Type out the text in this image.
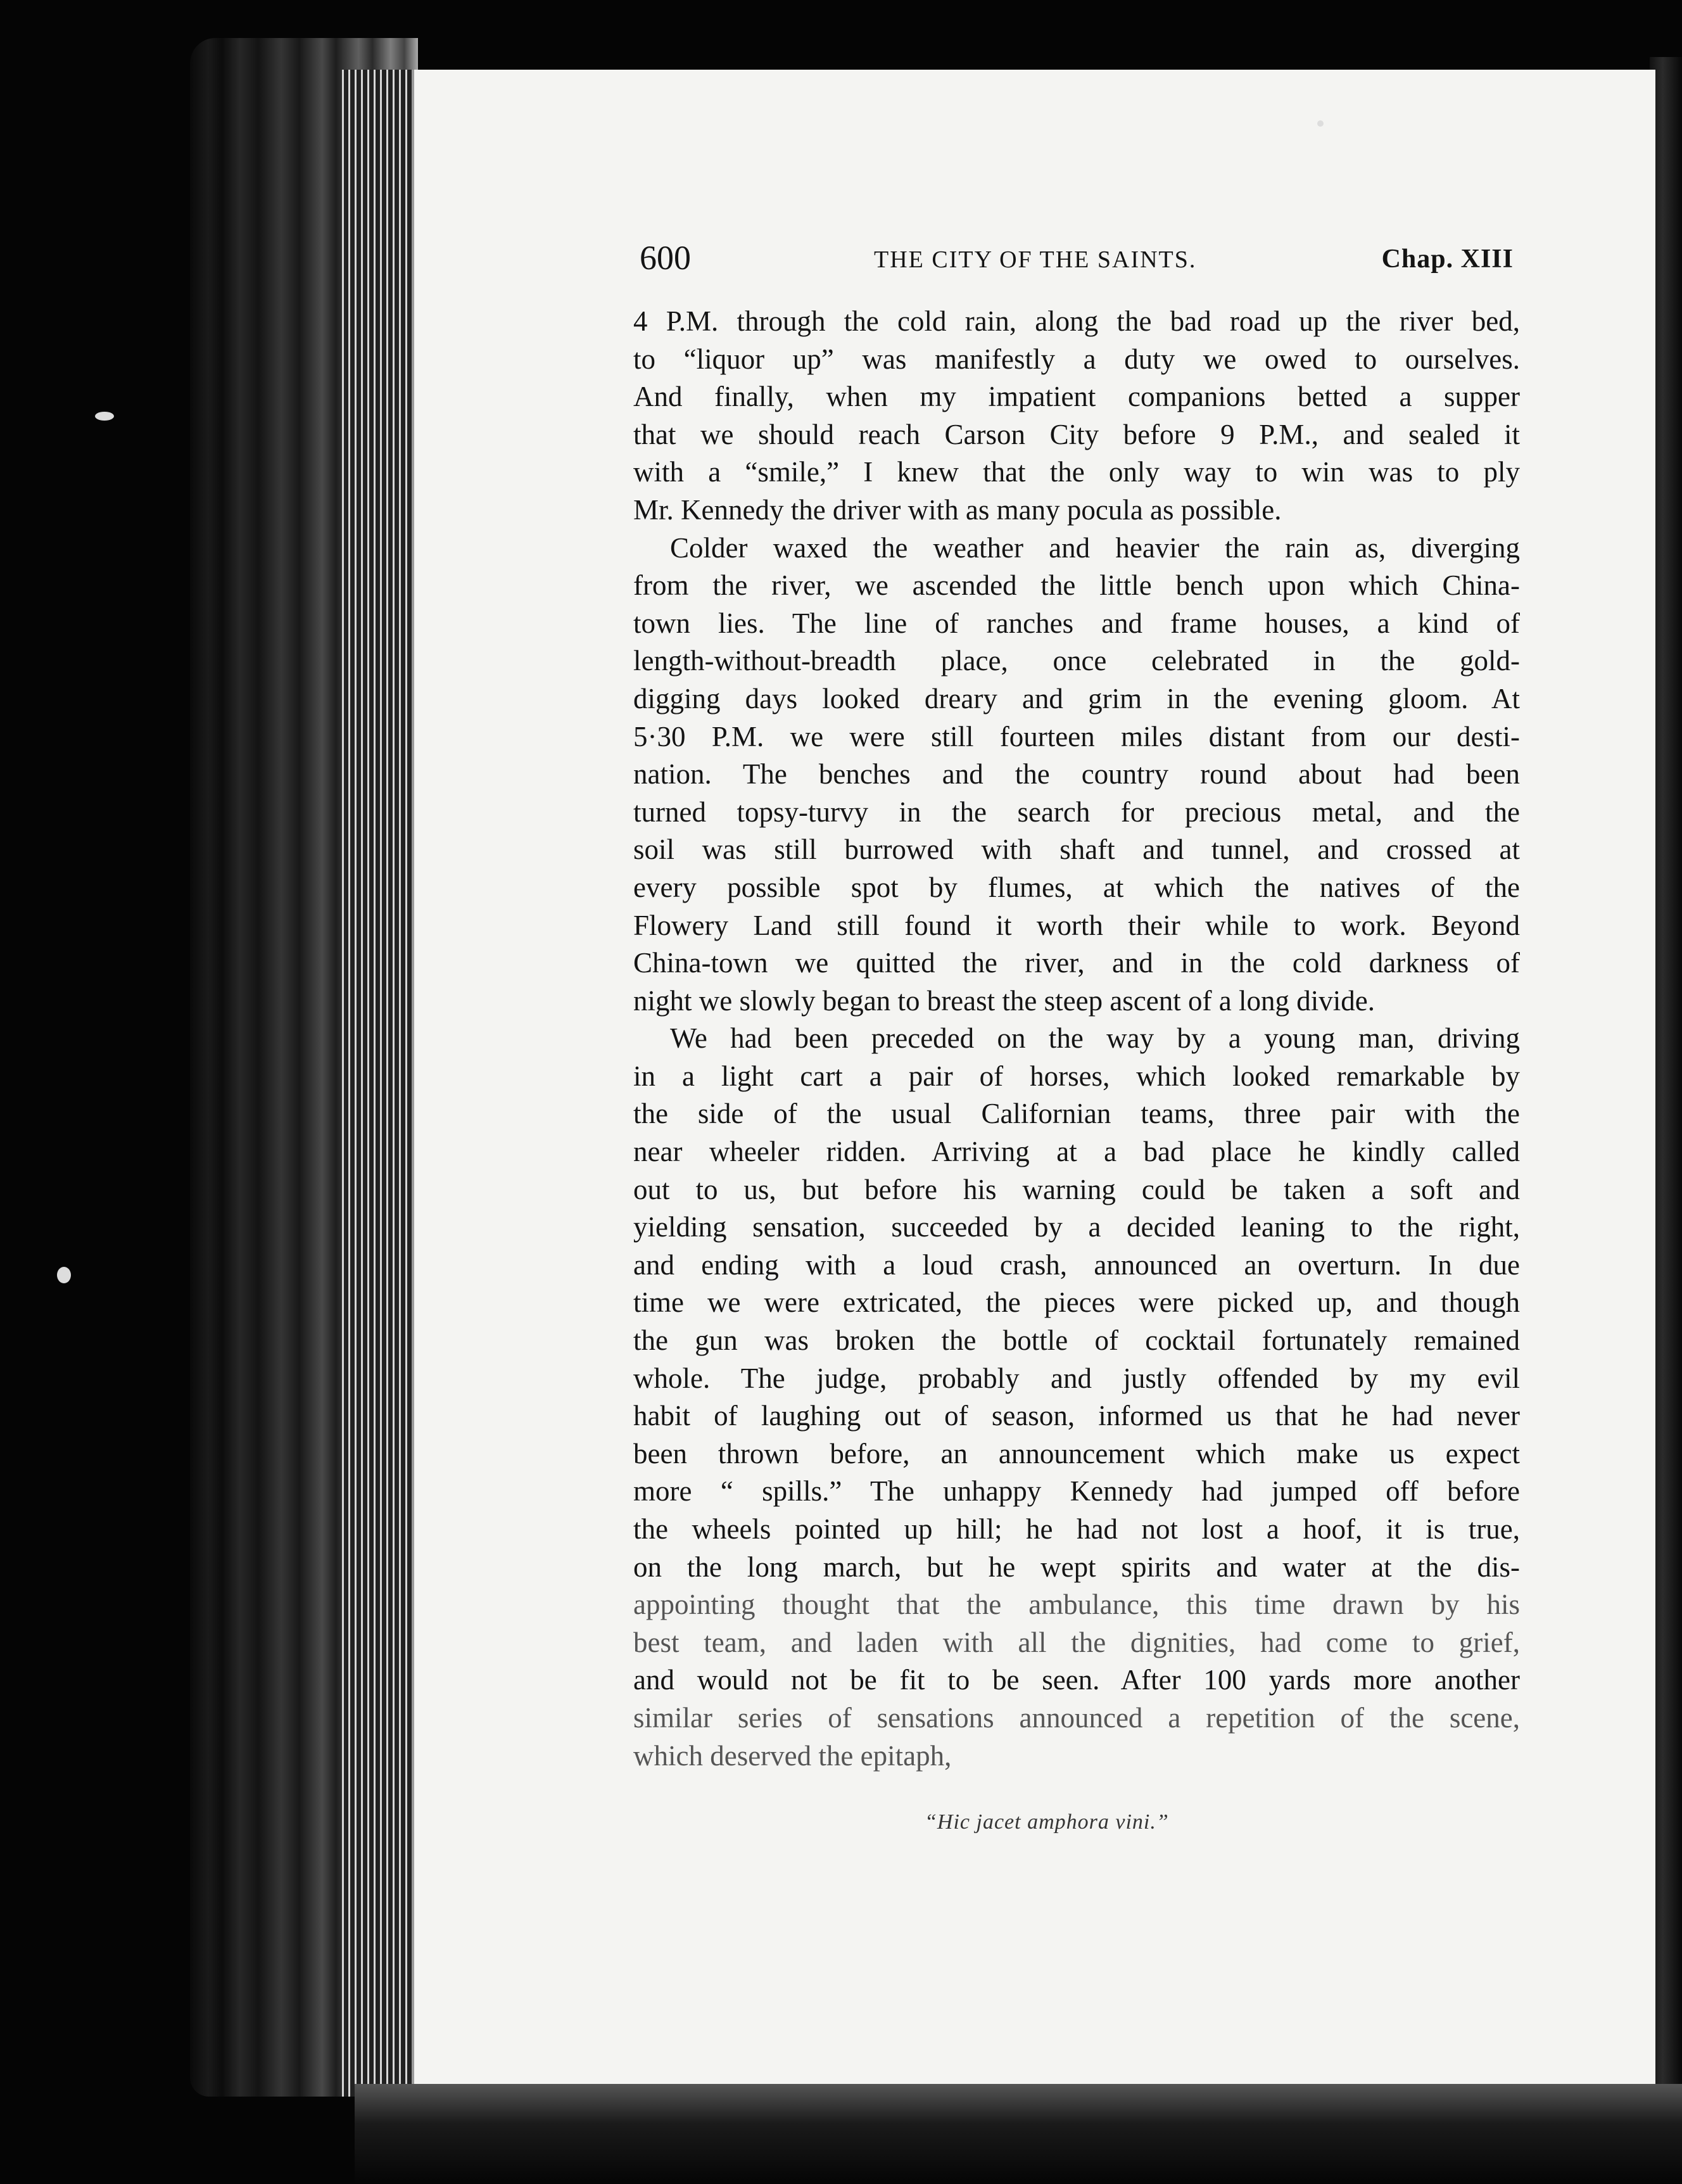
600	THE CITY OF THE SAINTS.	Chap. XIII
4 P.M. through the cold rain, along the bad road up the river bed,
to “liquor up” was manifestly a duty we owed to ourselves.
And finally, when my impatient companions betted a supper
that we should reach Carson City before 9 P.M., and sealed it
with a “smile,” I knew that the only way to win was to ply
Mr. Kennedy the driver with as many pocula as possible.
Colder waxed the weather and heavier the rain as, diverging
from the river, we ascended the little bench upon which China-
town lies. The line of ranches and frame houses, a kind of
length-without-breadth place, once celebrated in the gold-
digging days looked dreary and grim in the evening gloom. At
5·30 P.M. we were still fourteen miles distant from our desti-
nation. The benches and the country round about had been
turned topsy-turvy in the search for precious metal, and the
soil was still burrowed with shaft and tunnel, and crossed at
every possible spot by flumes, at which the natives of the
Flowery Land still found it worth their while to work. Beyond
China-town we quitted the river, and in the cold darkness of
night we slowly began to breast the steep ascent of a long divide.
We had been preceded on the way by a young man, driving
in a light cart a pair of horses, which looked remarkable by
the side of the usual Californian teams, three pair with the
near wheeler ridden. Arriving at a bad place he kindly called
out to us, but before his warning could be taken a soft and
yielding sensation, succeeded by a decided leaning to the right,
and ending with a loud crash, announced an overturn. In due
time we were extricated, the pieces were picked up, and though
the gun was broken the bottle of cocktail fortunately remained
whole. The judge, probably and justly offended by my evil
habit of laughing out of season, informed us that he had never
been thrown before, an announcement which make us expect
more “ spills.” The unhappy Kennedy had jumped off before
the wheels pointed up hill; he had not lost a hoof, it is true,
on the long march, but he wept spirits and water at the dis-
appointing thought that the ambulance, this time drawn by his
best team, and laden with all the dignities, had come to grief,
and would not be fit to be seen. After 100 yards more another
similar series of sensations announced a repetition of the scene,
which deserved the epitaph,
“Hic jacet amphora vini.”
